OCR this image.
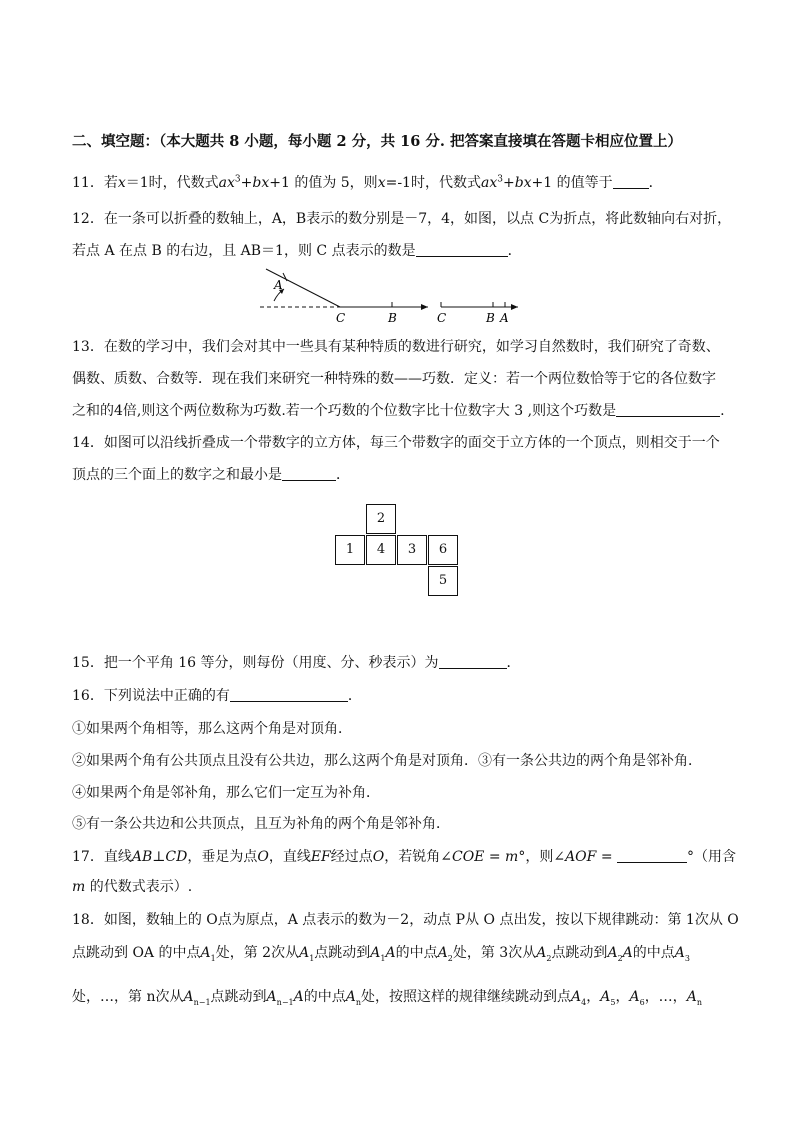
二、填空题：（本大题共 8 小题，每小题 2 分，共 16 分. 把答案直接填在答题卡相应位置上）
11．若x＝1时，代数式$ax^3+bx+1$ 的值为 5，则x=-1时，代数式$ax^3+bx+1$ 的值等于	．
12．在一条可以折叠的数轴上，A，B表示的数分别是－7，4，如图，以点 C为折点，将此数轴向右对折，
若点 A 在点 B 的右边，且 AB＝1，则 C 点表示的数是	．
A
C	B	C	B A
13．在数的学习中，我们会对其中一些具有某种特质的数进行研究，如学习自然数时，我们研究了奇数、
偶数、质数、合数等．现在我们来研究一种特殊的数——巧数．定义：若一个两位数恰等于它的各位数字
之和的4倍,则这个两位数称为巧数.若一个巧数的个位数字比十位数字大 3 ,则这个巧数是	.
14．如图可以沿线折叠成一个带数字的立方体，每三个带数字的面交于立方体的一个顶点，则相交于一个
顶点的三个面上的数字之和最小是	．
2
1	4	3	6
5
15．把一个平角 16 等分，则每份（用度、分、秒表示）为	．
16．下列说法中正确的有	．
①如果两个角相等，那么这两个角是对顶角．
②如果两个角有公共顶点且没有公共边，那么这两个角是对顶角．③有一条公共边的两个角是邻补角．
④如果两个角是邻补角，那么它们一定互为补角．
⑤有一条公共边和公共顶点，且互为补角的两个角是邻补角．
17．直线AB⊥CD，垂足为点O，直线EF经过点O，若锐角∠COE = m°，则∠AOF =	°（用含
m 的代数式表示）.
18．如图，数轴上的 O点为原点，A 点表示的数为－2，动点 P从 O 点出发，按以下规律跳动：第 1次从 O
点跳动到 OA 的中点$A_1$处，第 2次从$A_1$点跳动到$A_1A$的中点$A_2$处，第 3次从$A_2$点跳动到$A_2A$的中点$A_3$
处，…，第 n次从$A_{n-1}$点跳动到$A_{n-1}A$的中点$A_n$处，按照这样的规律继续跳动到点$A_4$，$A_5$，$A_6$，…，$A_n$
